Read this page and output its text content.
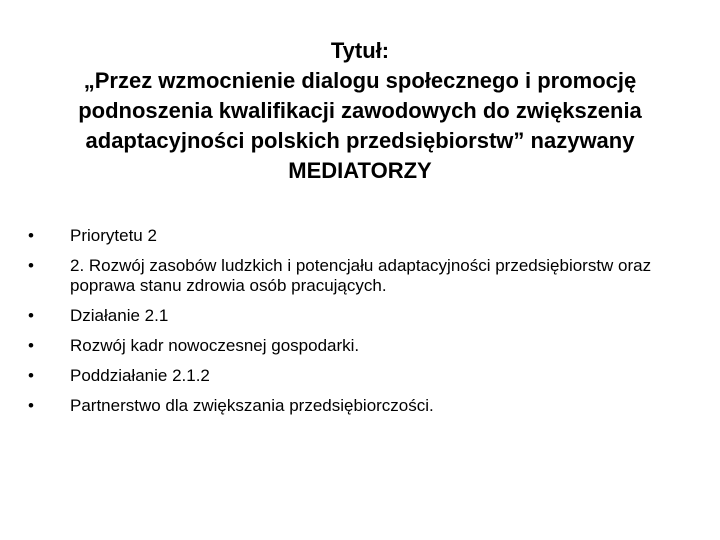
Tytuł:
„Przez wzmocnienie dialogu społecznego i promocję
podnoszenia kwalifikacji zawodowych do zwiększenia
adaptacyjności polskich przedsiębiorstw” nazywany
MEDIATORZY
•	Priorytetu 2
•	2. Rozwój zasobów ludzkich i potencjału adaptacyjności przedsiębiorstw oraz poprawa stanu zdrowia osób pracujących.
•	Działanie 2.1
•	Rozwój kadr nowoczesnej gospodarki.
•	Poddziałanie 2.1.2
•	Partnerstwo dla zwiększania przedsiębiorczości.
